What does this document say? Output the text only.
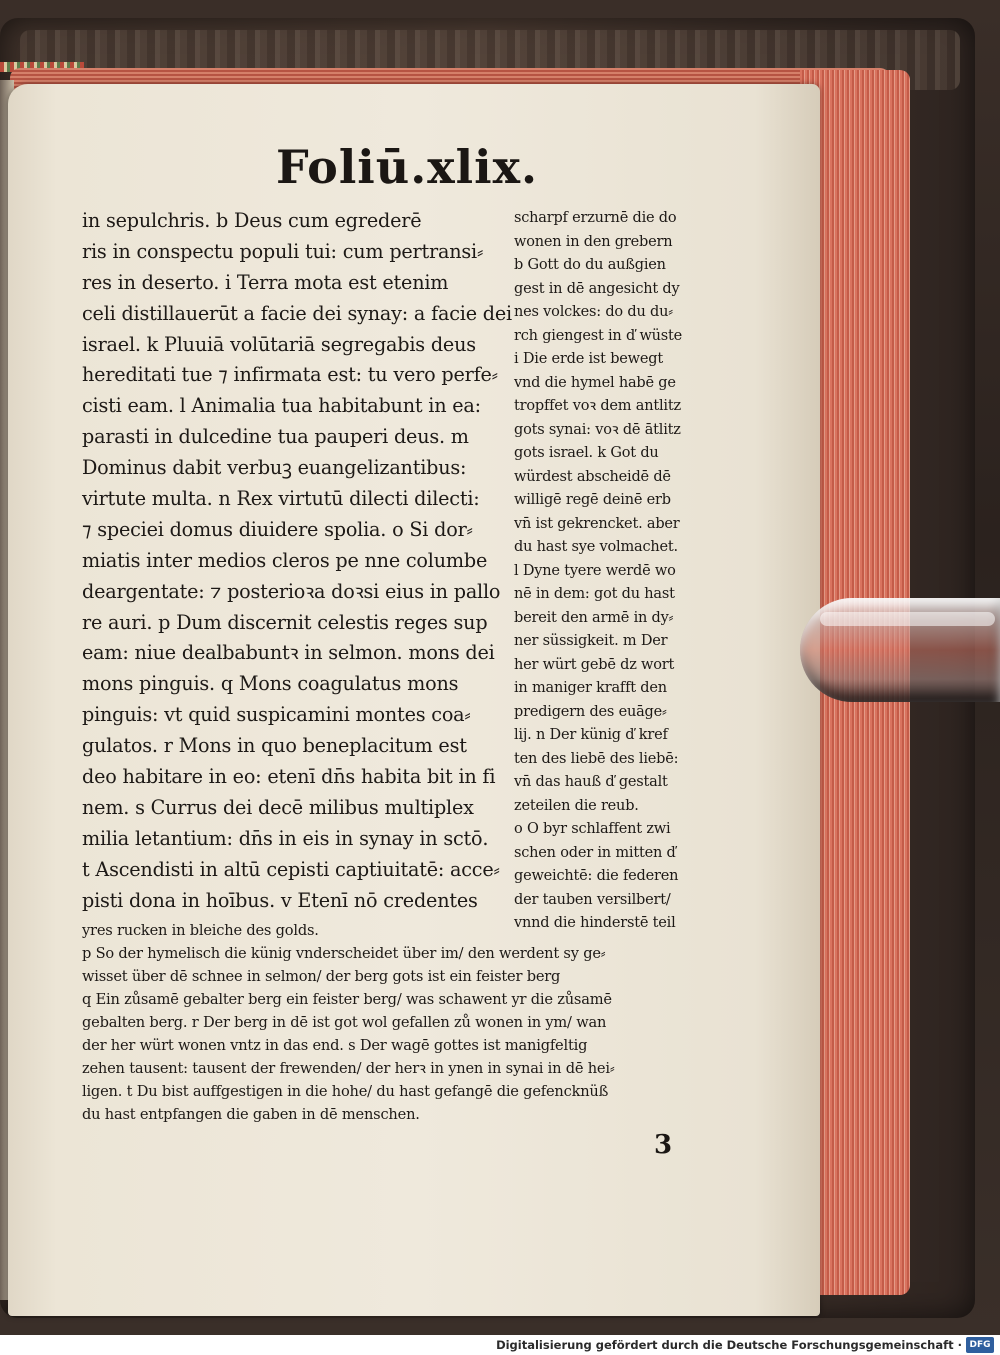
Foliū.xlix.
in sepulchris. b Deus cum egrederē
ris in conspectu populi tui: cum pertransi⸗
res in deserto. i Terra mota est etenim
celi distillauerūt a facie dei synay: a facie dei
israel. k Pluuiā volūtariā segregabis deus
hereditati tue ⁊ infirmata est: tu vero perfe⸗
cisti eam. l Animalia tua habitabunt in ea:
parasti in dulcedine tua pauperi deus. m
Dominus dabit verbuꝫ euangelizantibus:
virtute multa. n Rex virtutū dilecti dilecti:
⁊ speciei domus diuidere spolia. o Si dor⸗
miatis inter medios cleros pe nne columbe
deargentate: ⁊ posterioꝛa doꝛsi eius in pallo
re auri. p Dum discernit celestis reges sup
eam: niue dealbabuntꝛ in selmon. mons dei
mons pinguis. q Mons coagulatus mons
pinguis: vt quid suspicamini montes coa⸗
gulatos. r Mons in quo beneplacitum est
deo habitare in eo: etenī dn̄s habita bit in fi
nem. s Currus dei decē milibus multiplex
milia letantium: dn̄s in eis in synay in sctō.
t Ascendisti in altū cepisti captiuitatē: acce⸗
pisti dona in hoībus. v Etenī nō credentes
scharpf erzurnē die do
wonen in den grebern
b Gott do du außgien
gest in dē angesicht dy
nes volckes: do du du⸗
rch giengest in ď wüste
i Die erde ist bewegt
vnd die hymel habē ge
tropffet voꝛ dem antlitz
gots synai: voꝛ dē ātlitz
gots israel. k Got du
würdest abscheidē dē
willigē regē deinē erb
vn̄ ist gekrencket. aber
du hast sye volmachet.
l Dyne tyere werdē wo
nē in dem: got du hast
bereit den armē in dy⸗
ner süssigkeit. m Der
her würt gebē dz wort
in maniger krafft den
predigern des euāge⸗
lij. n Der künig ď kref
ten des liebē des liebē:
vn̄ das hauß ď gestalt
zeteilen die reub.
o O byr schlaffent zwi
schen oder in mitten ď
geweichtē: die federen
der tauben versilbert/
vnnd die hinderstē teil
yres rucken in bleiche des golds.
p So der hymelisch die künig vnderscheidet über im/ den werdent sy ge⸗
wisset über dē schnee in selmon/ der berg gots ist ein feister berg
q Ein zůsamē gebalter berg ein feister berg/ was schawent yr die zůsamē
gebalten berg. r Der berg in dē ist got wol gefallen zů wonen in ym/ wan
der her würt wonen vntz in das end. s Der wagē gottes ist manigfeltig
zehen tausent: tausent der frewenden/ der herꝛ in ynen in synai in dē hei⸗
ligen. t Du bist auffgestigen in die hohe/ du hast gefangē die gefencknüß
du hast entpfangen die gaben in dē menschen.
3
Digitalisierung gefördert durch die Deutsche Forschungsgemeinschaft · DFG
